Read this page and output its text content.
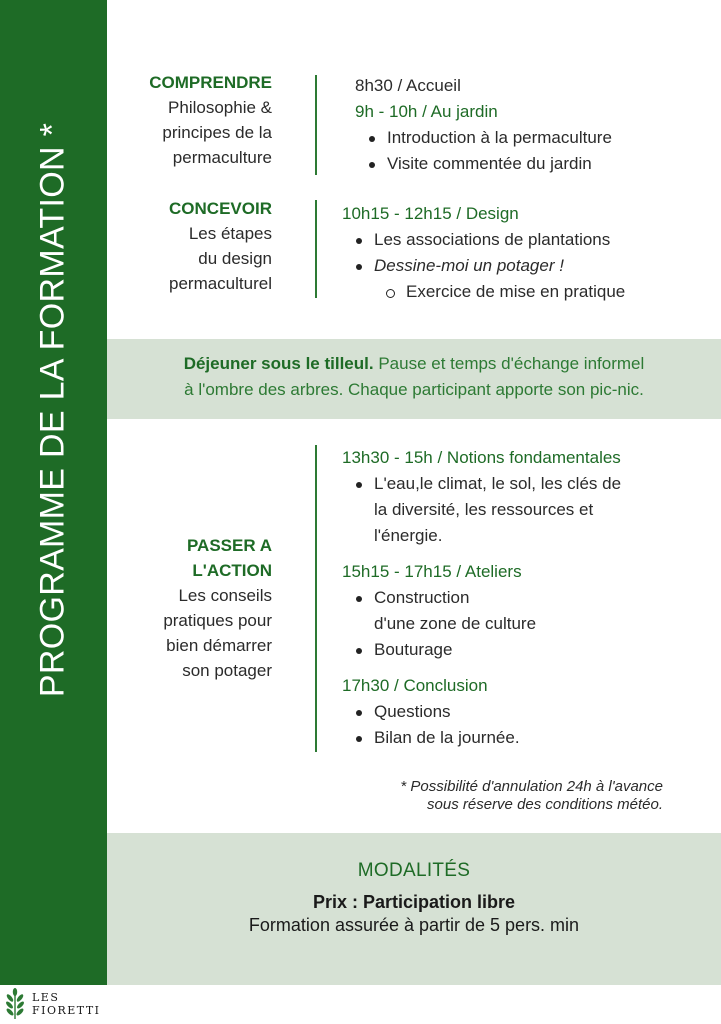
PROGRAMME DE LA FORMATION *
COMPRENDRE
Philosophie &
principes de la
permaculture
8h30 / Accueil
9h - 10h / Au jardin
Introduction à la permaculture
Visite commentée du jardin
CONCEVOIR
Les étapes
du design
permaculturel
10h15 - 12h15 / Design
Les associations de plantations
Dessine-moi un potager !
Exercice de mise en pratique
Déjeuner sous le tilleul. Pause et temps d'échange informel
à l'ombre des arbres. Chaque participant apporte son pic-nic.
PASSER A
L'ACTION
Les conseils
pratiques pour
bien démarrer
son potager
13h30 - 15h / Notions fondamentales
L'eau,le climat, le sol, les clés de
la diversité, les ressources et
l'énergie.
15h15 - 17h15 / Ateliers
Construction
d'une zone de culture
Bouturage
17h30 / Conclusion
Questions
Bilan de la journée.
* Possibilité d'annulation 24h à l'avance
sous réserve des conditions météo.
MODALITÉS
Prix : Participation libre
Formation assurée à partir de 5 pers. min
LES
FIORETTI
